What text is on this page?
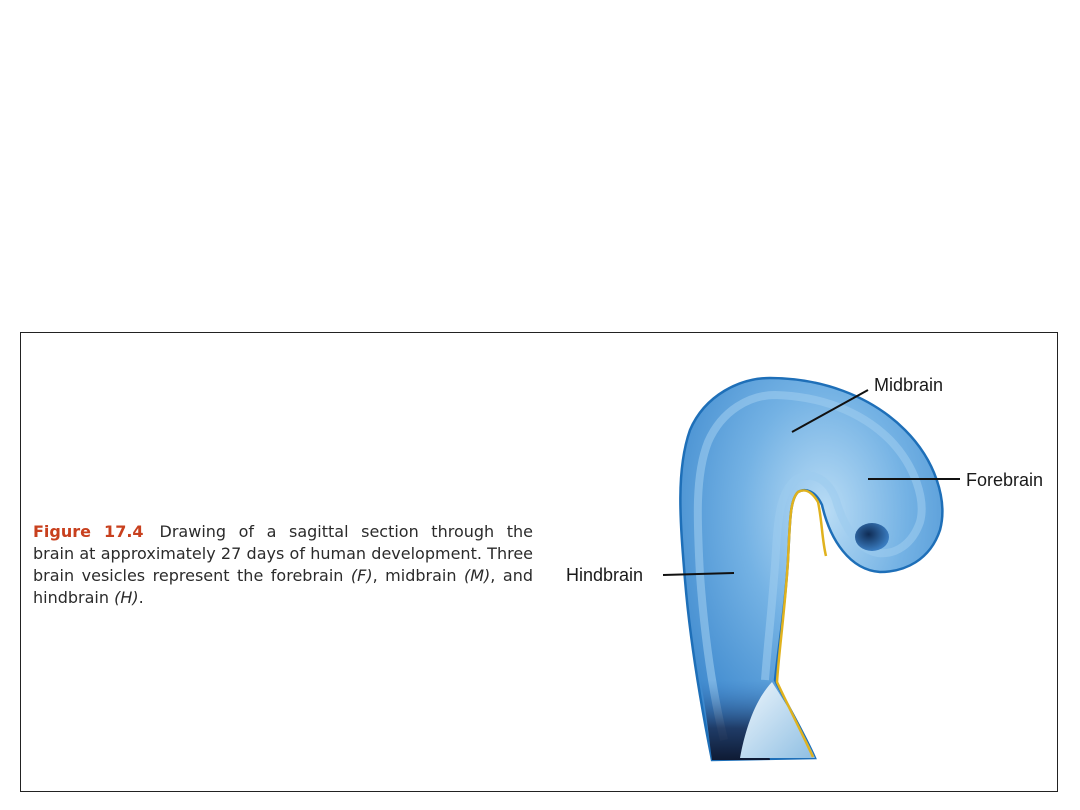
Figure 17.4 Drawing of a sagittal section through the
brain at approximately 27 days of human development. Three
brain vesicles represent the forebrain (F), midbrain (M), and
hindbrain (H).
Midbrain
Forebrain
Hindbrain
